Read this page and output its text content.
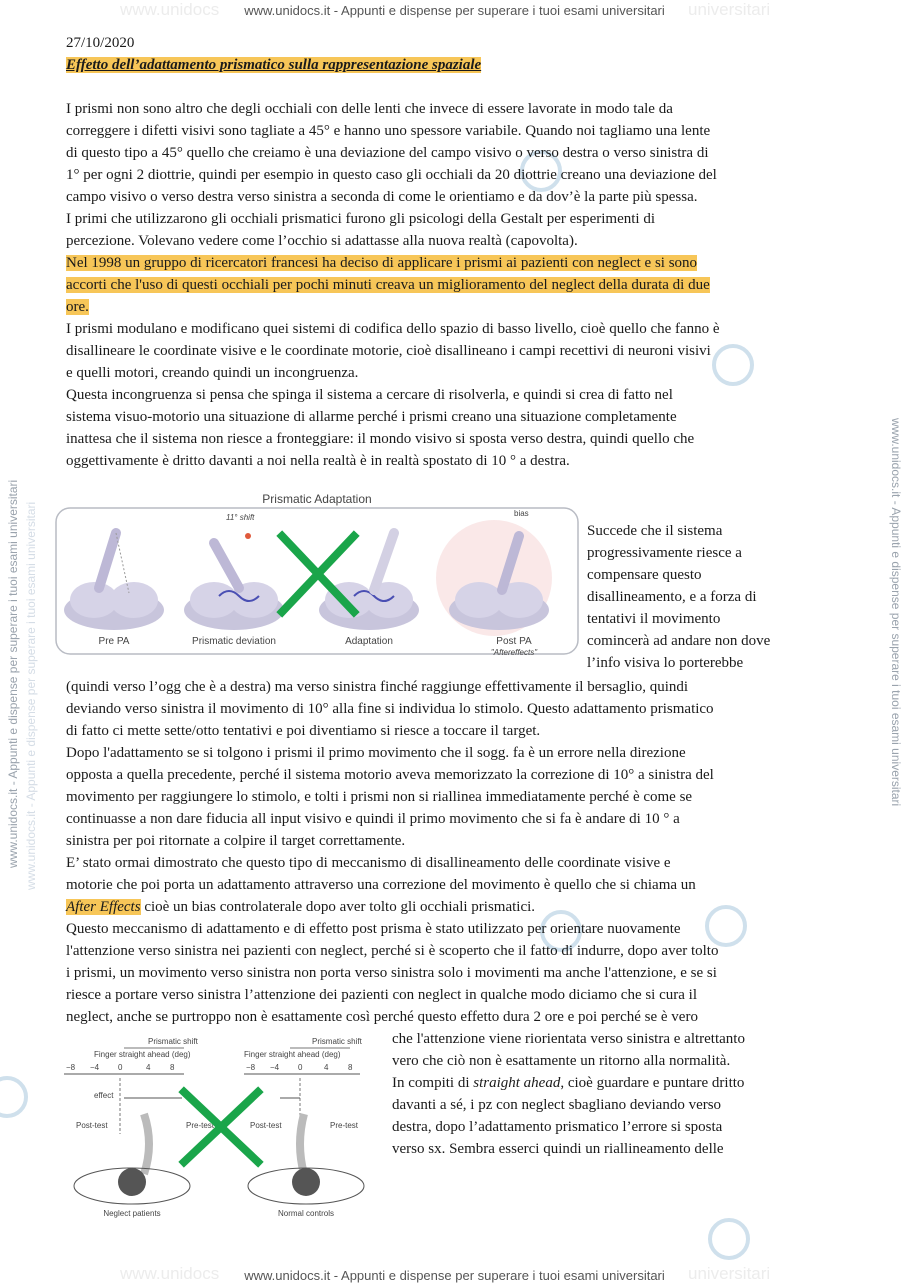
www.unidocs.it - Appunti e dispense per superare i tuoi esami universitari
www.unidocs	universitari
www.unidocs.it - Appunti e dispense per superare i tuoi esami universitari
www.unidocs	universitari
www.unidocs.it - Appunti e dispense per superare i tuoi esami universitari www.unidocs.it - Appunti e dispense per superare i tuoi esami universitari	www.unidocs.it - Appunti e dispense per superare i tuoi esami universitari

27/10/2020

Effetto dell’adattamento prismatico sulla rappresentazione spaziale

I prismi non sono altro che degli occhiali con delle lenti che invece di essere lavorate in modo tale da

correggere i difetti visivi sono tagliate a 45° e hanno uno spessore variabile. Quando noi tagliamo una lente

di questo tipo a 45° quello che creiamo è una deviazione del campo visivo o verso destra o verso sinistra di

1° per ogni 2 diottrie, quindi per esempio in questo caso gli occhiali da 20 diottrie creano una deviazione del

campo visivo o verso destra verso sinistra a seconda di come le orientiamo e da dov’è la parte più spessa.

I primi che utilizzarono gli occhiali prismatici furono gli psicologi della Gestalt per esperimenti di

percezione. Volevano vedere come l’occhio si adattasse alla nuova realtà (capovolta).

Nel 1998 un gruppo di ricercatori francesi ha deciso di applicare i prismi ai pazienti con neglect e si sono

accorti che l'uso di questi occhiali per pochi minuti creava un miglioramento del neglect della durata di due

ore.

I prismi modulano e modificano quei sistemi di codifica dello spazio di basso livello, cioè quello che fanno è

disallineare le coordinate visive e le coordinate motorie, cioè disallineano i campi recettivi di neuroni visivi

e quelli motori, creando quindi un incongruenza.

Questa incongruenza si pensa che spinga il sistema a cercare di risolverla, e quindi si crea di fatto nel

sistema visuo-motorio una situazione di allarme perché i prismi creano una situazione completamente

inattesa che il sistema non riesce a fronteggiare: il mondo visivo si sposta verso destra, quindi quello che

oggettivamente è dritto davanti a noi nella realtà è in realtà spostato di 10 ° a destra.

Succede che il sistema

progressivamente riesce a

compensare questo

disallineamento, e a forza di

tentativi il movimento

comincerà ad andare non dove

l’info visiva lo porterebbe

(quindi verso l’ogg che è a destra) ma verso sinistra finché raggiunge effettivamente il bersaglio, quindi

deviando verso sinistra il movimento di 10° alla fine si individua lo stimolo. Questo adattamento prismatico

di fatto ci mette sette/otto tentativi e poi diventiamo si riesce a toccare il target.

Dopo l'adattamento se si tolgono i prismi il primo movimento che il sogg. fa è un errore nella direzione

opposta a quella precedente, perché il sistema motorio aveva memorizzato la correzione di 10° a sinistra del

movimento per raggiungere lo stimolo, e tolti i prismi non si riallinea immediatamente perché è come se

continuasse a non dare fiducia all input visivo e quindi il primo movimento che si fa è andare di 10 ° a

sinistra per poi ritornate a colpire il target correttamente.

E’ stato ormai dimostrato che questo tipo di meccanismo di disallineamento delle coordinate visive e

motorie che poi porta un adattamento attraverso una correzione del movimento è quello che si chiama un

After Effects cioè un bias controlaterale dopo aver tolto gli occhiali prismatici.

Questo meccanismo di adattamento e di effetto post prisma è stato utilizzato per orientare nuovamente

l'attenzione verso sinistra nei pazienti con neglect, perché si è scoperto che il fatto di indurre, dopo aver tolto

i prismi, un movimento verso sinistra non porta verso sinistra solo i movimenti ma anche l'attenzione, e se si

riesce a portare verso sinistra l’attenzione dei pazienti con neglect in qualche modo diciamo che si cura il

neglect, anche se purtroppo non è esattamente così perché questo effetto dura 2 ore e poi perché se è vero

che l'attenzione viene riorientata verso sinistra e altrettanto

vero che ciò non è esattamente un ritorno alla normalità.

In compiti di straight ahead, cioè guardare e puntare dritto

davanti a sé, i pz con neglect sbagliano deviando verso

destra, dopo l’adattamento prismatico l’errore si sposta

verso sx. Sembra esserci quindi un riallineamento delle

Prismatic Adaptation
Pre PA
11° shift
Prismatic deviation	Adaptation
bias
Post PA
"Aftereffects"
Prismatic shift
Finger straight ahead (deg)
−8 −4 0	4 8
effect
Post-test	Pre-test
Neglect patients
Prismatic shift
Finger straight ahead (deg)
−8 −4 0	4 8
Post-test	Pre-test
Normal controls
